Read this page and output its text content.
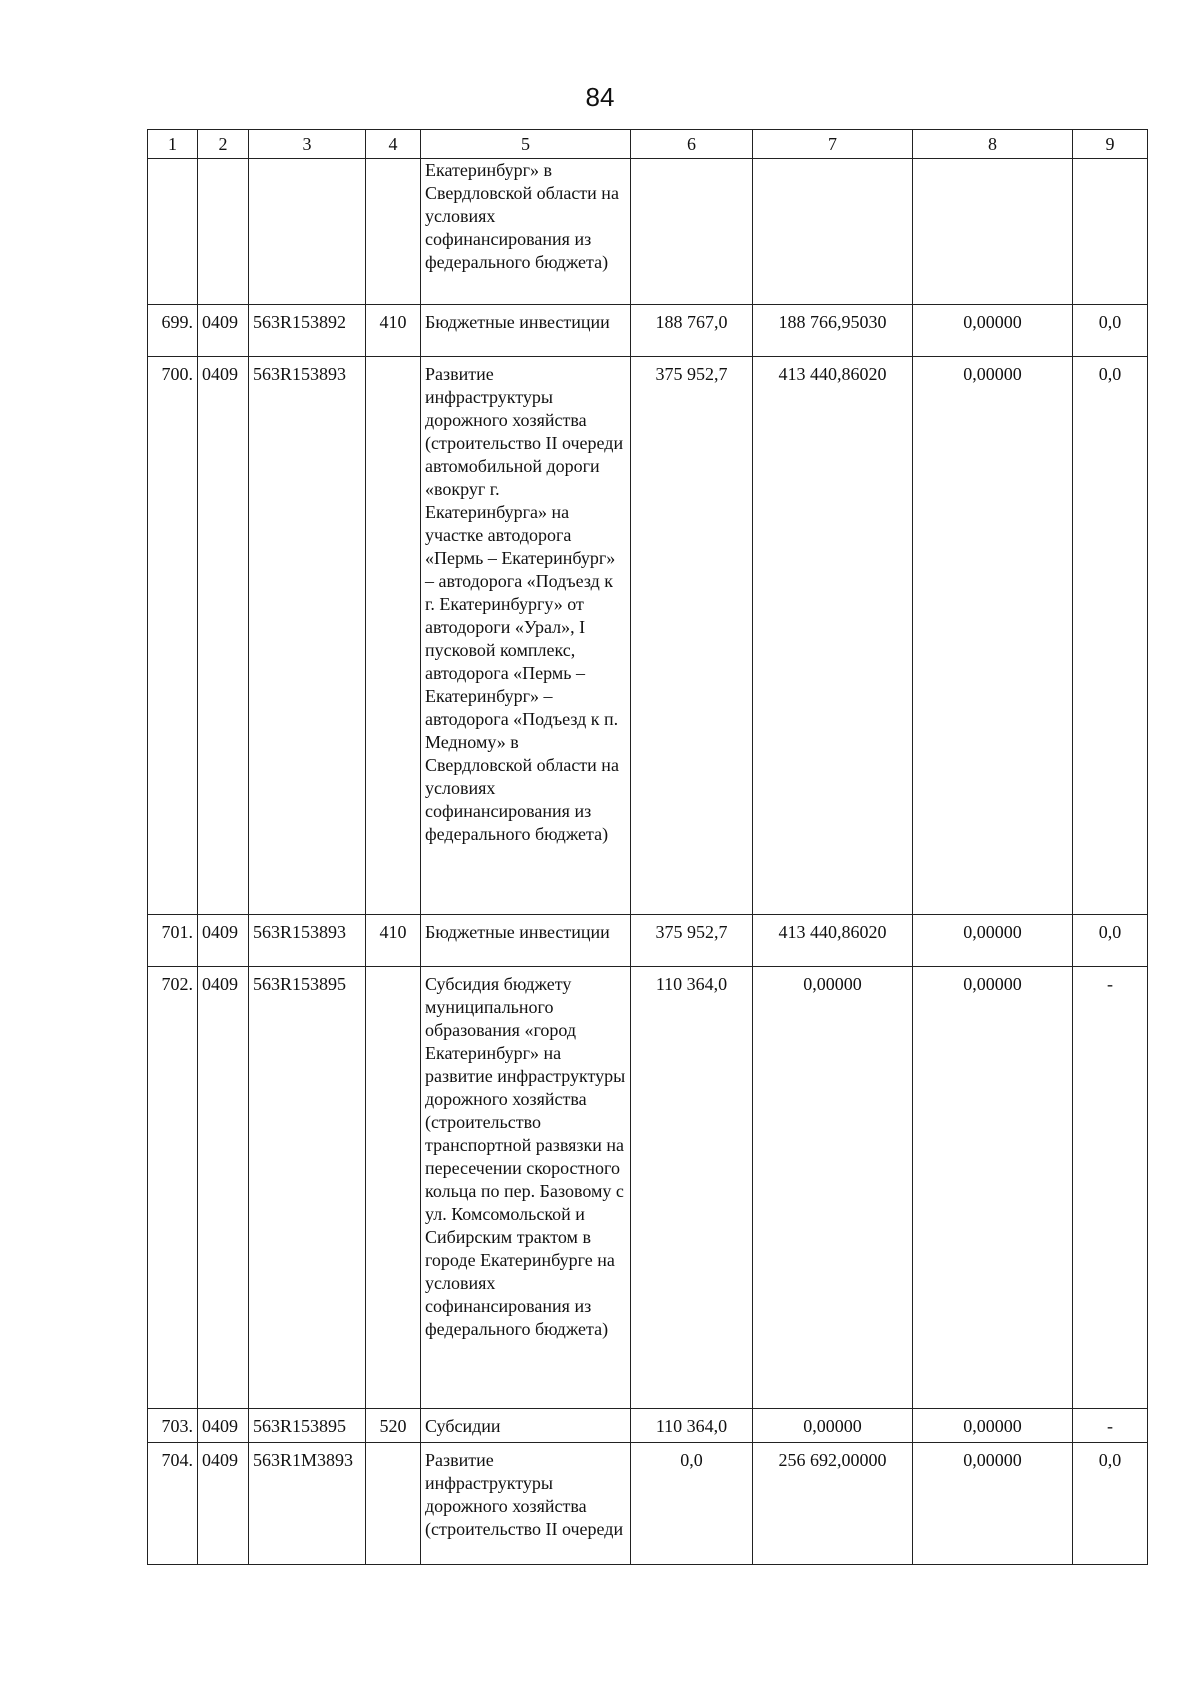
84
1	2	3	4	5	6	7	8	9
				Екатеринбург» в Свердловской области на условиях софинансирования из федерального бюджета)				
699.	0409	563R153892	410	Бюджетные инвестиции	188 767,0	188 766,95030	0,00000	0,0
700.	0409	563R153893		Развитие инфраструктуры дорожного хозяйства (строительство II очереди автомобильной дороги «вокруг г. Екатеринбурга» на участке автодорога «Пермь – Екатеринбург» – автодорога «Подъезд к г. Екатеринбургу» от автодороги «Урал», I пусковой комплекс, автодорога «Пермь – Екатеринбург» – автодорога «Подъезд к п. Медному» в Свердловской области на условиях софинансирования из федерального бюджета)	375 952,7	413 440,86020	0,00000	0,0
701.	0409	563R153893	410	Бюджетные инвестиции	375 952,7	413 440,86020	0,00000	0,0
702.	0409	563R153895		Субсидия бюджету муниципального образования «город Екатеринбург» на развитие инфраструктуры дорожного хозяйства (строительство транспортной развязки на пересечении скоростного кольца по пер. Базовому с ул. Комсомольской и Сибирским трактом в городе Екатеринбурге на условиях софинансирования из федерального бюджета)	110 364,0	0,00000	0,00000	-
703.	0409	563R153895	520	Субсидии	110 364,0	0,00000	0,00000	-
704.	0409	563R1M3893		Развитие инфраструктуры дорожного хозяйства (строительство II очереди	0,0	256 692,00000	0,00000	0,0
